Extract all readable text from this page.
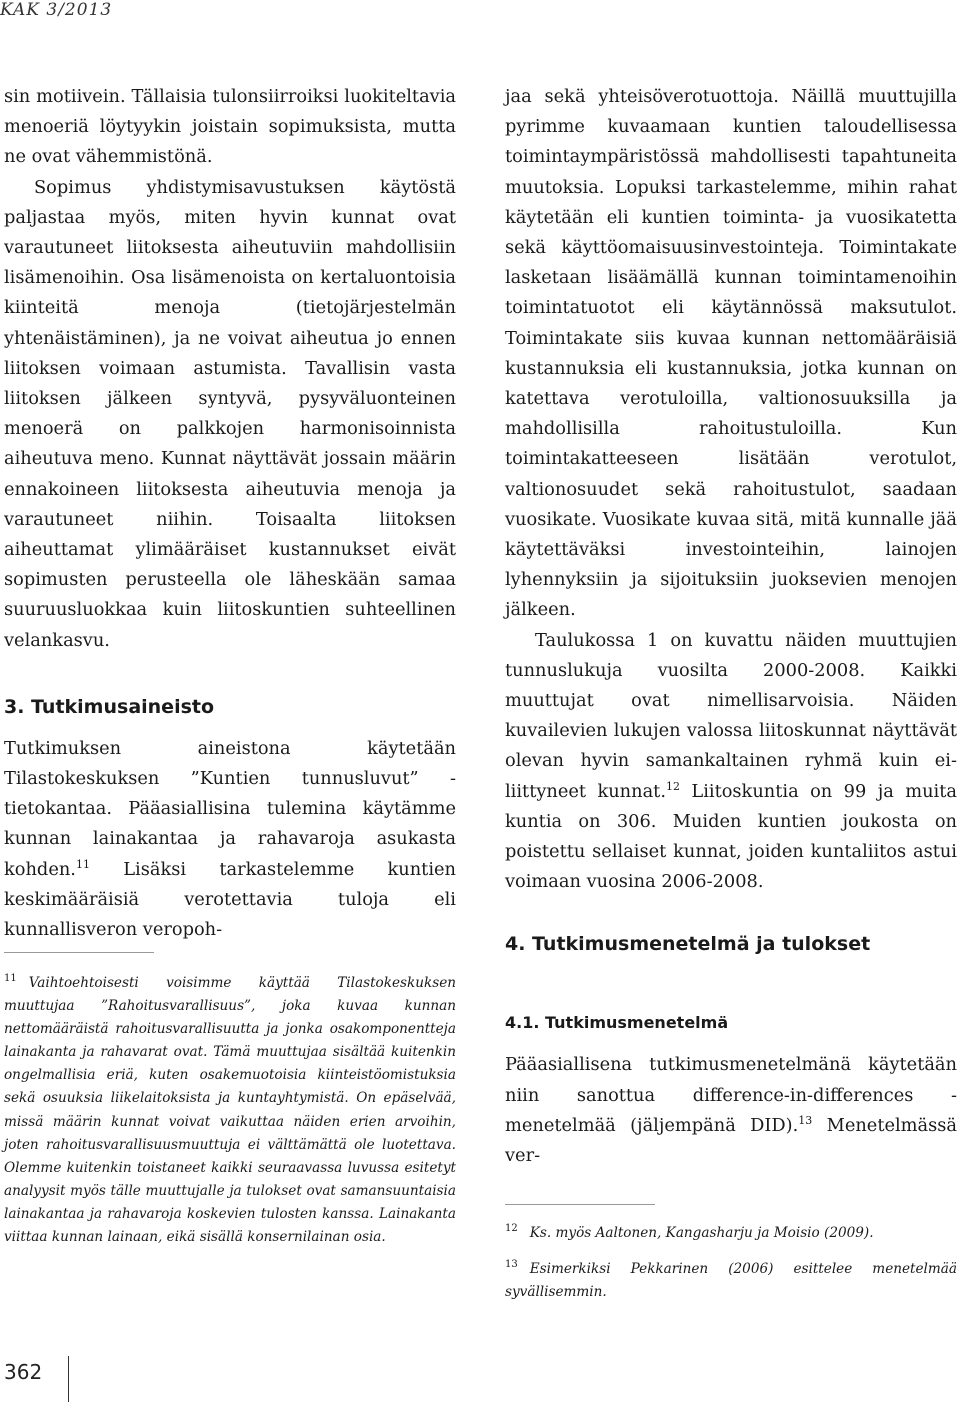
KAK 3/2013

sin motiivein. Tällaisia tulonsiirroiksi luokiteltavia menoeriä löytyykin joistain sopimuksista, mutta ne ovat vähemmistönä.

Sopimus yhdistymisavustuksen käytöstä paljastaa myös, miten hyvin kunnat ovat varautuneet liitoksesta aiheutuviin mahdollisiin lisämenoihin. Osa lisämenoista on kertaluontoisia kiinteitä menoja (tietojärjestelmän yhtenäistäminen), ja ne voivat aiheutua jo ennen liitoksen voimaan astumista. Tavallisin vasta liitoksen jälkeen syntyvä, pysyväluonteinen menoerä on palkkojen harmonisoinnista aiheutuva meno. Kunnat näyttävät jossain määrin ennakoineen liitoksesta aiheutuvia menoja ja varautuneet niihin. Toisaalta liitoksen aiheuttamat ylimääräiset kustannukset eivät sopimusten perusteella ole läheskään samaa suuruusluokkaa kuin liitoskuntien suhteellinen velankasvu.

3. Tutkimusaineisto

Tutkimuksen aineistona käytetään Tilastokeskuksen ”Kuntien tunnusluvut” -tietokantaa. Pääasiallisina tulemina käytämme kunnan lainakantaa ja rahavaroja asukasta kohden.$^{11}$ Lisäksi tarkastelemme kuntien keskimääräisiä verotettavia tuloja eli kunnallisveron veropoh-

$^{11}$ Vaihtoehtoisesti voisimme käyttää Tilastokeskuksen muuttujaa ”Rahoitusvarallisuus”, joka kuvaa kunnan nettomääräistä rahoitusvarallisuutta ja jonka osakomponentteja lainakanta ja rahavarat ovat. Tämä muuttujaa sisältää kuitenkin ongelmallisia eriä, kuten osakemuotoisia kiinteistöomistuksia sekä osuuksia liikelaitoksista ja kuntayhtymistä. On epäselvää, missä määrin kunnat voivat vaikuttaa näiden erien arvoihin, joten rahoitusvarallisuusmuuttuja ei välttämättä ole luotettava. Olemme kuitenkin toistaneet kaikki seuraavassa luvussa esitetyt analyysit myös tälle muuttujalle ja tulokset ovat samansuuntaisia lainakantaa ja rahavaroja koskevien tulosten kanssa. Lainakanta viittaa kunnan lainaan, eikä sisällä konsernilainan osia.

jaa sekä yhteisöverotuottoja. Näillä muuttujilla pyrimme kuvaamaan kuntien taloudellisessa toimintaympäristössä mahdollisesti tapahtuneita muutoksia. Lopuksi tarkastelemme, mihin rahat käytetään eli kuntien toiminta- ja vuosikatetta sekä käyttöomaisuusinvestointeja. Toimintakate lasketaan lisäämällä kunnan toimintamenoihin toimintatuotot eli käytännössä maksutulot. Toimintakate siis kuvaa kunnan nettomääräisiä kustannuksia eli kustannuksia, jotka kunnan on katettava verotuloilla, valtionosuuksilla ja mahdollisilla rahoitustuloilla. Kun toimintakatteeseen lisätään verotulot, valtionosuudet sekä rahoitustulot, saadaan vuosikate. Vuosikate kuvaa sitä, mitä kunnalle jää käytettäväksi investointeihin, lainojen lyhennyksiin ja sijoituksiin juoksevien menojen jälkeen.

Taulukossa 1 on kuvattu näiden muuttujien tunnuslukuja vuosilta 2000-2008. Kaikki muuttujat ovat nimellisarvoisia. Näiden kuvailevien lukujen valossa liitoskunnat näyttävät olevan hyvin samankaltainen ryhmä kuin ei-liittyneet kunnat.$^{12}$ Liitoskuntia on 99 ja muita kuntia on 306. Muiden kuntien joukosta on poistettu sellaiset kunnat, joiden kuntaliitos astui voimaan vuosina 2006-2008.

4. Tutkimusmenetelmä ja tulokset
4.1. Tutkimusmenetelmä

Pääasiallisena tutkimusmenetelmänä käytetään niin sanottua difference-in-differences -menetelmää (jäljempänä DID).$^{13}$ Menetelmässä ver-

$^{12}$ Ks. myös Aaltonen, Kangasharju ja Moisio (2009).

$^{13}$ Esimerkiksi Pekkarinen (2006) esittelee menetelmää syvällisemmin.

362
